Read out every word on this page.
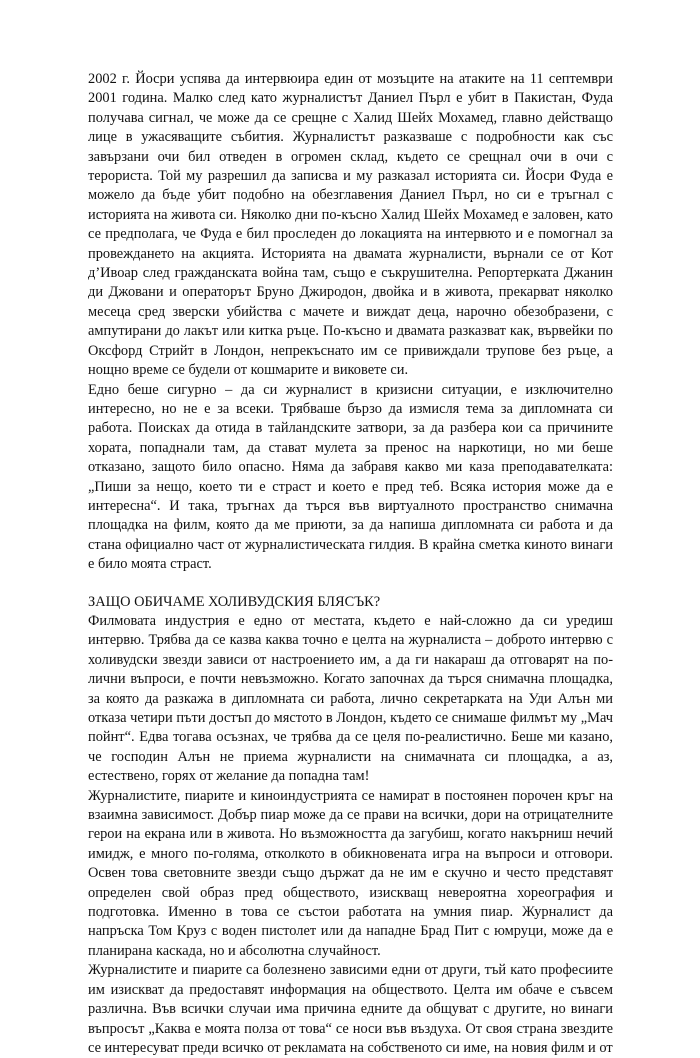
2002 г. Йосри успява да интервюира един от мозъците на атаките на 11 септември 2001 година. Малко след като журналистът Даниел Пърл е убит в Пакистан, Фуда получава сигнал, че може да се срещне с Халид Шейх Мохамед, главно действащо лице в ужасяващите събития. Журналистът разказваше с подробности как със завързани очи бил отведен в огромен склад, където се срещнал очи в очи с терориста. Той му разрешил да записва и му разказал историята си. Йосри Фуда е можело да бъде убит подобно на обезглавения Даниел Пърл, но си е тръгнал с историята на живота си. Няколко дни по-късно Халид Шейх Мохамед е заловен, като се предполага, че Фуда е бил проследен до локацията на интервюто и е помогнал за провеждането на акцията. Историята на двамата журналисти, върнали се от Кот д’Ивоар след гражданската война там, също е съкрушителна. Репортерката Джанин ди Джовани и операторът Бруно Джиродон, двойка и в живота, прекарват няколко месеца сред зверски убийства с мачете и виждат деца, нарочно обезобразени, с ампутирани до лакът или китка ръце. По-късно и двамата разказват как, вървейки по Оксфорд Стрийт в Лондон, непрекъснато им се привиждали трупове без ръце, а нощно време се будели от кошмарите и виковете си.

Едно беше сигурно – да си журналист в кризисни ситуации, е изключително интересно, но не е за всеки. Трябваше бързо да измисля тема за дипломната си работа. Поисках да отида в тайландските затвори, за да разбера кои са причините хората, попаднали там, да стават мулета за пренос на наркотици, но ми беше отказано, защото било опасно. Няма да забравя какво ми каза преподавателката: „Пиши за нещо, което ти е страст и което е пред теб. Всяка история може да е интересна“. И така, тръгнах да търся във виртуалното пространство снимачна площадка на филм, която да ме приюти, за да напиша дипломната си работа и да стана официално част от журналистическата гилдия. В крайна сметка киното винаги е било моята страст.

ЗАЩО ОБИЧАМЕ ХОЛИВУДСКИЯ БЛЯСЪК?

Филмовата индустрия е едно от местата, където е най-сложно да си уредиш интервю. Трябва да се казва каква точно е целта на журналиста – доброто интервю с холивудски звезди зависи от настроението им, а да ги накараш да отговарят на по-лични въпроси, е почти невъзможно. Когато започнах да търся снимачна площадка, за която да разкажа в дипломната си работа, лично секретарката на Уди Алън ми отказа четири пъти достъп до мястото в Лондон, където се снимаше филмът му „Мач пойнт“. Едва тогава осъзнах, че трябва да се целя по-реалистично. Беше ми казано, че господин Алън не приема журналисти на снимачната си площадка, а аз, естествено, горях от желание да попадна там!

Журналистите, пиарите и киноиндустрията се намират в постоянен порочен кръг на взаимна зависимост. Добър пиар може да се прави на всички, дори на отрицателните герои на екрана или в живота. Но възможността да загубиш, когато накърниш нечий имидж, е много по-голяма, отколкото в обикновената игра на въпроси и отговори. Освен това световните звезди също държат да не им е скучно и често представят определен свой образ пред обществото, изискващ невероятна хореография и подготовка. Именно в това се състои работата на умния пиар. Журналист да напръска Том Круз с воден пистолет или да нападне Брад Пит с юмруци, може да е планирана каскада, но и абсолютна случайност.

Журналистите и пиарите са болезнено зависими едни от други, тъй като професиите им изискват да предоставят информация на обществото. Целта им обаче е съвсем различна. Във всички случаи има причина едните да общуват с другите, но винаги въпросът „Каква е моята полза от това“ се носи във въздуха. От своя страна звездите се интересуват преди всичко от рекламата на собственото си име, на новия филм и от
